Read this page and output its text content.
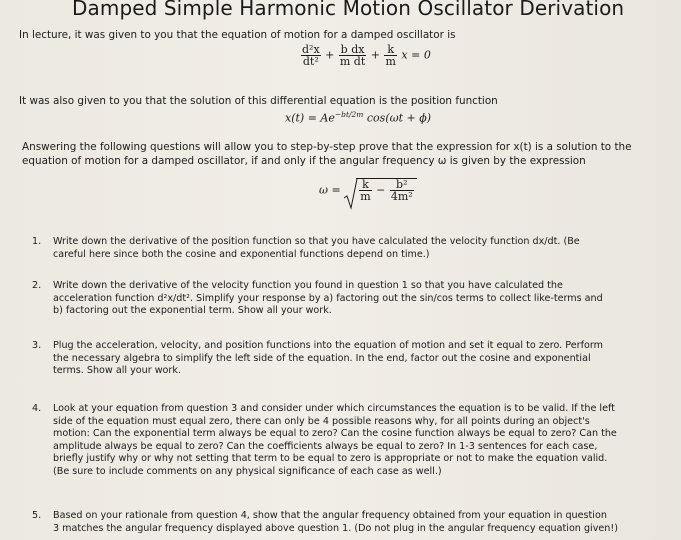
Damped Simple Harmonic Motion Oscillator Derivation
In lecture, it was given to you that the equation of motion for a damped oscillator is
$\frac{\text{d²x}}{\text{dt²}} + \frac{\text{b dx}}{\text{m dt}} + \frac{k}{m}$ x = 0
It was also given to you that the solution of this differential equation is the position function
$x(t) = Ae^{-bt/2m}$ cos(ωt + ϕ)
Answering the following questions will allow you to step-by-step prove that the expression for x(t) is a solution to the
equation of motion for a damped oscillator, if and only if the angular frequency ω is given by the expression
$\omega = \frac{k}{m} - \frac{\text{b²}}{\text{4m²}}$
1. Write down the derivative of the position function so that you have calculated the velocity function dx/dt. (Be
careful here since both the cosine and exponential functions depend on time.)
2. Write down the derivative of the velocity function you found in question 1 so that you have calculated the
acceleration function d²x/dt². Simplify your response by a) factoring out the sin/cos terms to collect like-terms and
b) factoring out the exponential term. Show all your work.
3. Plug the acceleration, velocity, and position functions into the equation of motion and set it equal to zero. Perform
the necessary algebra to simplify the left side of the equation. In the end, factor out the cosine and exponential
terms. Show all your work.
4. Look at your equation from question 3 and consider under which circumstances the equation is to be valid. If the left
side of the equation must equal zero, there can only be 4 possible reasons why, for all points during an object's
motion: Can the exponential term always be equal to zero? Can the cosine function always be equal to zero? Can the
amplitude always be equal to zero? Can the coefficients always be equal to zero? In 1-3 sentences for each case,
briefly justify why or why not setting that term to be equal to zero is appropriate or not to make the equation valid.
(Be sure to include comments on any physical significance of each case as well.)
5. Based on your rationale from question 4, show that the angular frequency obtained from your equation in question
3 matches the angular frequency displayed above question 1. (Do not plug in the angular frequency equation given!)
